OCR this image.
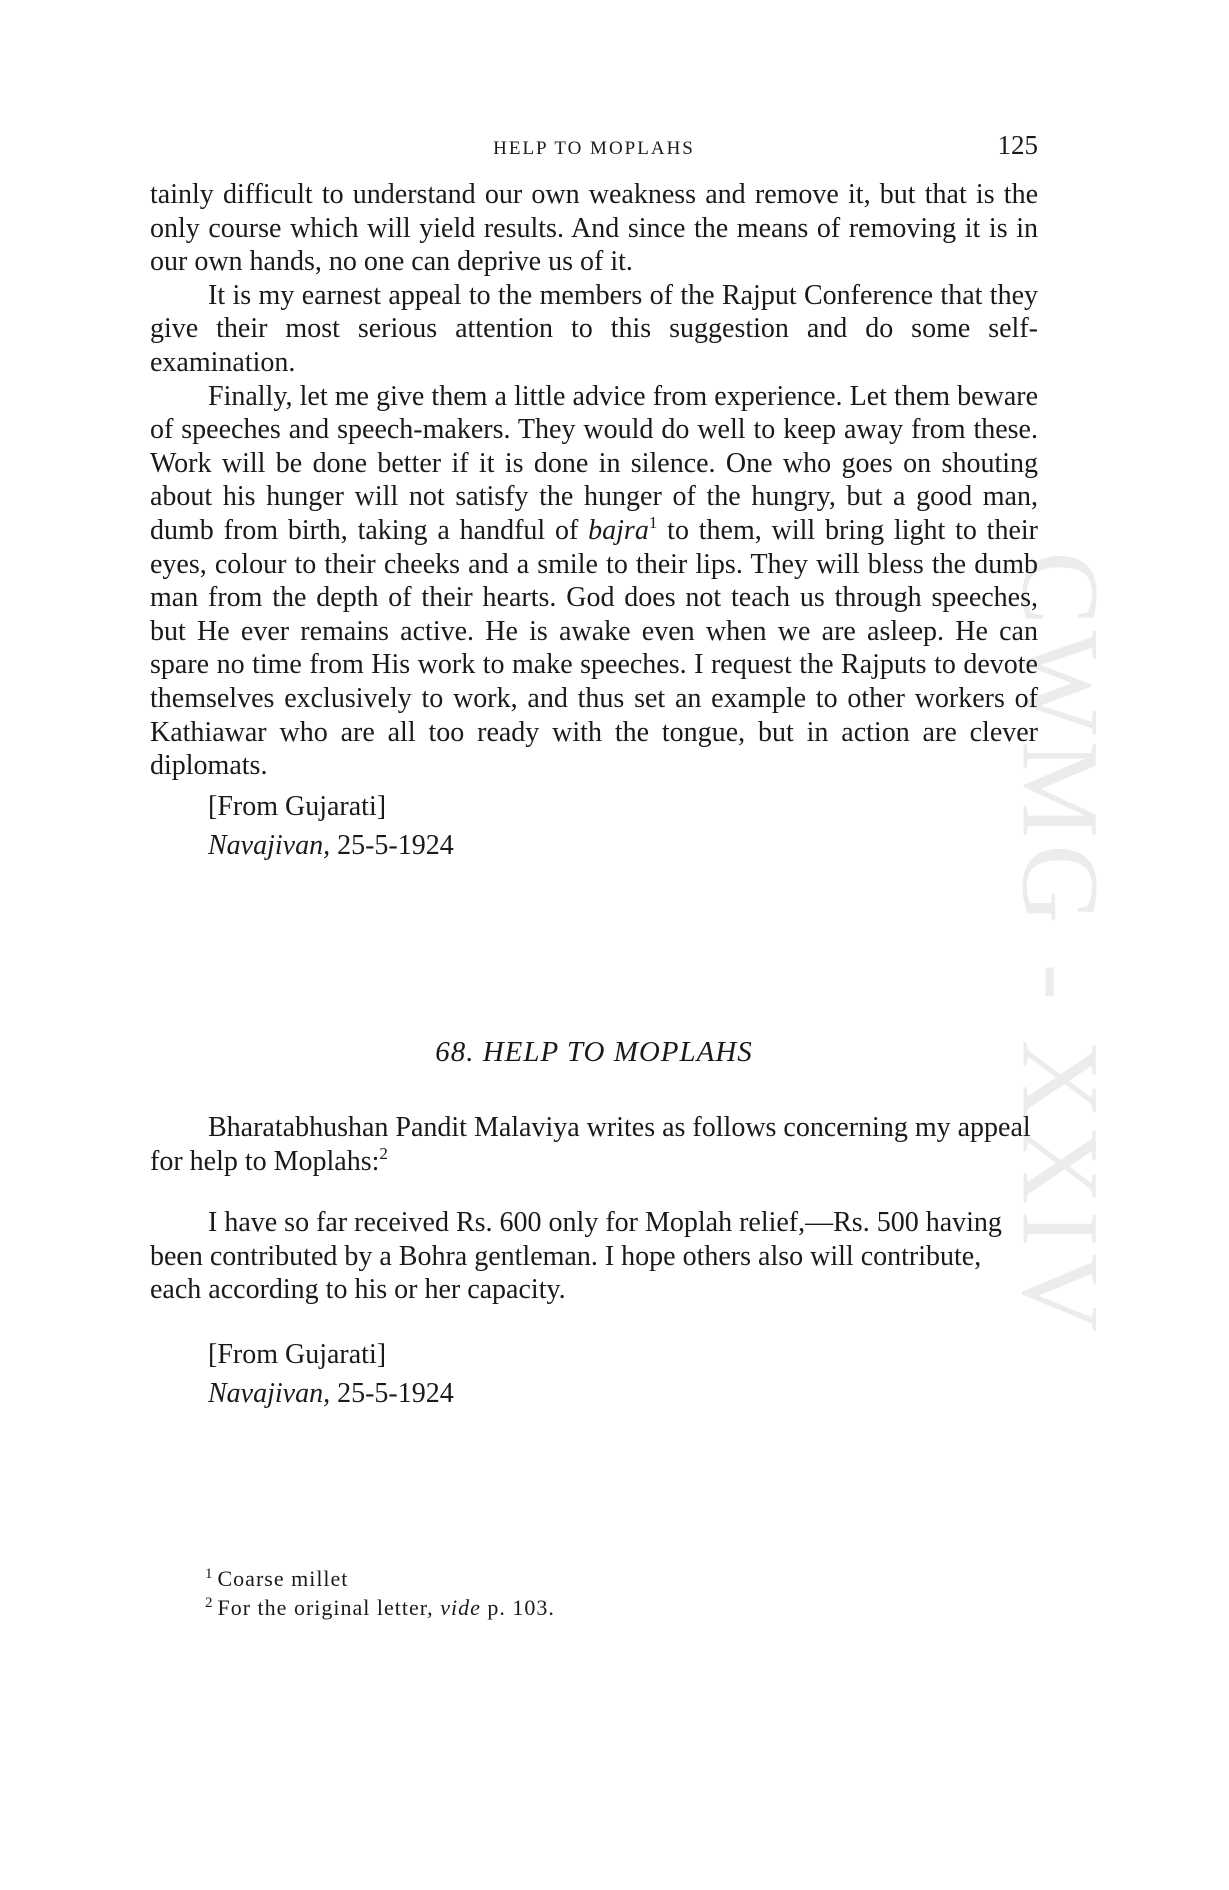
CWMG - XXIV
HELP TO MOPLAHS	125

tainly difficult to understand our own weakness and remove it, but that is the only course which will yield results. And since the means of removing it is in our own hands, no one can deprive us of it.

It is my earnest appeal to the members of the Rajput Conference that they give their most serious attention to this suggestion and do some self-examination.

Finally, let me give them a little advice from experience. Let them beware of speeches and speech-makers. They would do well to keep away from these. Work will be done better if it is done in silence. One who goes on shouting about his hunger will not satisfy the hunger of the hungry, but a good man, dumb from birth, taking a handful of bajra$^1$ to them, will bring light to their eyes, colour to their cheeks and a smile to their lips. They will bless the dumb man from the depth of their hearts. God does not teach us through speeches, but He ever remains active. He is awake even when we are asleep. He can spare no time from His work to make speeches. I request the Rajputs to devote themselves exclusively to work, and thus set an example to other workers of Kathiawar who are all too ready with the tongue, but in action are clever diplomats.

[From Gujarati]

Navajivan, 25-5-1924

68. HELP TO MOPLAHS

Bharatabhushan Pandit Malaviya writes as follows concerning my appeal for help to Moplahs:$^2$

I have so far received Rs. 600 only for Moplah relief,—Rs. 500 having been contributed by a Bohra gentleman. I hope others also will contribute, each according to his or her capacity.

[From Gujarati]

Navajivan, 25-5-1924

$^1$ Coarse millet
$^2$ For the original letter, vide p. 103.
